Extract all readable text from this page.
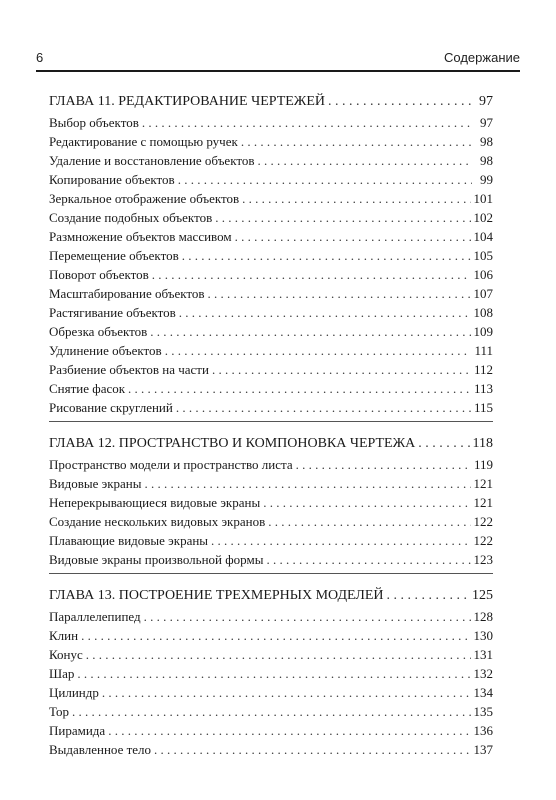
6	Содержание
ГЛАВА 11. РЕДАКТИРОВАНИЕ ЧЕРТЕЖЕЙ . . .	97
Выбор объектов . . .	97
Редактирование с помощью ручек . . .	98
Удаление и восстановление объектов . . .	98
Копирование объектов . . .	99
Зеркальное отображение объектов . . .	101
Создание подобных объектов . . .	102
Размножение объектов массивом . . .	104
Перемещение объектов . . .	105
Поворот объектов . . .	106
Масштабирование объектов . . .	107
Растягивание объектов . . .	108
Обрезка объектов . . .	109
Удлинение объектов . . .	111
Разбиение объектов на части . . .	112
Снятие фасок . . .	113
Рисование скруглений . . .	115
ГЛАВА 12. ПРОСТРАНСТВО И КОМПОНОВКА ЧЕРТЕЖА . . .	118
Пространство модели и пространство листа . . .	119
Видовые экраны . . .	121
Неперекрывающиеся видовые экраны . . .	121
Создание нескольких видовых экранов . . .	122
Плавающие видовые экраны . . .	122
Видовые экраны произвольной формы . . .	123
ГЛАВА 13. ПОСТРОЕНИЕ ТРЕХМЕРНЫХ МОДЕЛЕЙ . . .	125
Параллелепипед . . .	128
Клин . . .	130
Конус . . .	131
Шар . . .	132
Цилиндр . . .	134
Тор . . .	135
Пирамида . . .	136
Выдавленное тело . . .	137
